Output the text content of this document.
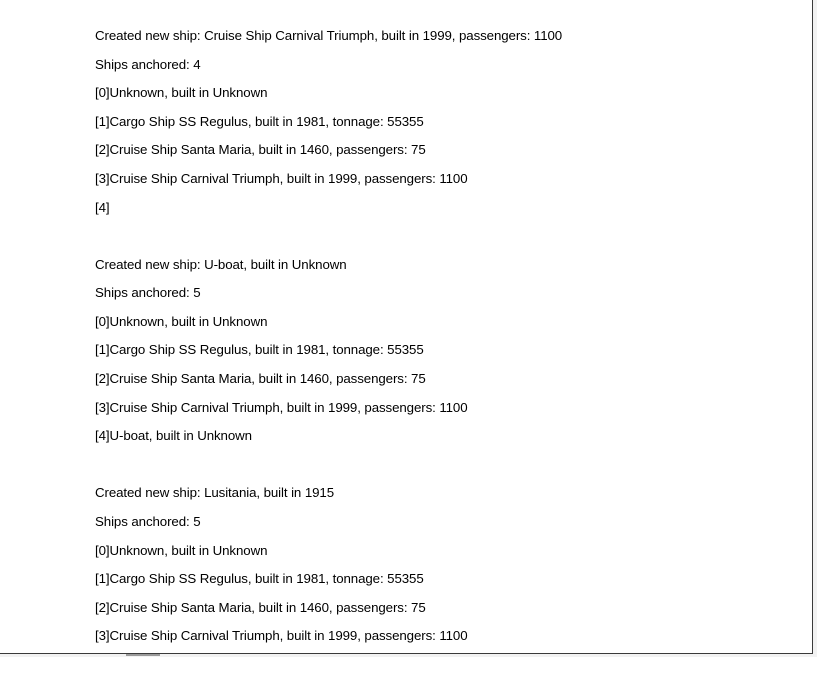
Created new ship: Cruise Ship Carnival Triumph, built in 1999, passengers: 1100
Ships anchored: 4
[0]Unknown, built in Unknown
[1]Cargo Ship SS Regulus, built in 1981, tonnage: 55355
[2]Cruise Ship Santa Maria, built in 1460, passengers: 75
[3]Cruise Ship Carnival Triumph, built in 1999, passengers: 1100
[4]
Created new ship: U-boat, built in Unknown
Ships anchored: 5
[0]Unknown, built in Unknown
[1]Cargo Ship SS Regulus, built in 1981, tonnage: 55355
[2]Cruise Ship Santa Maria, built in 1460, passengers: 75
[3]Cruise Ship Carnival Triumph, built in 1999, passengers: 1100
[4]U-boat, built in Unknown
Created new ship: Lusitania, built in 1915
Ships anchored: 5
[0]Unknown, built in Unknown
[1]Cargo Ship SS Regulus, built in 1981, tonnage: 55355
[2]Cruise Ship Santa Maria, built in 1460, passengers: 75
[3]Cruise Ship Carnival Triumph, built in 1999, passengers: 1100
